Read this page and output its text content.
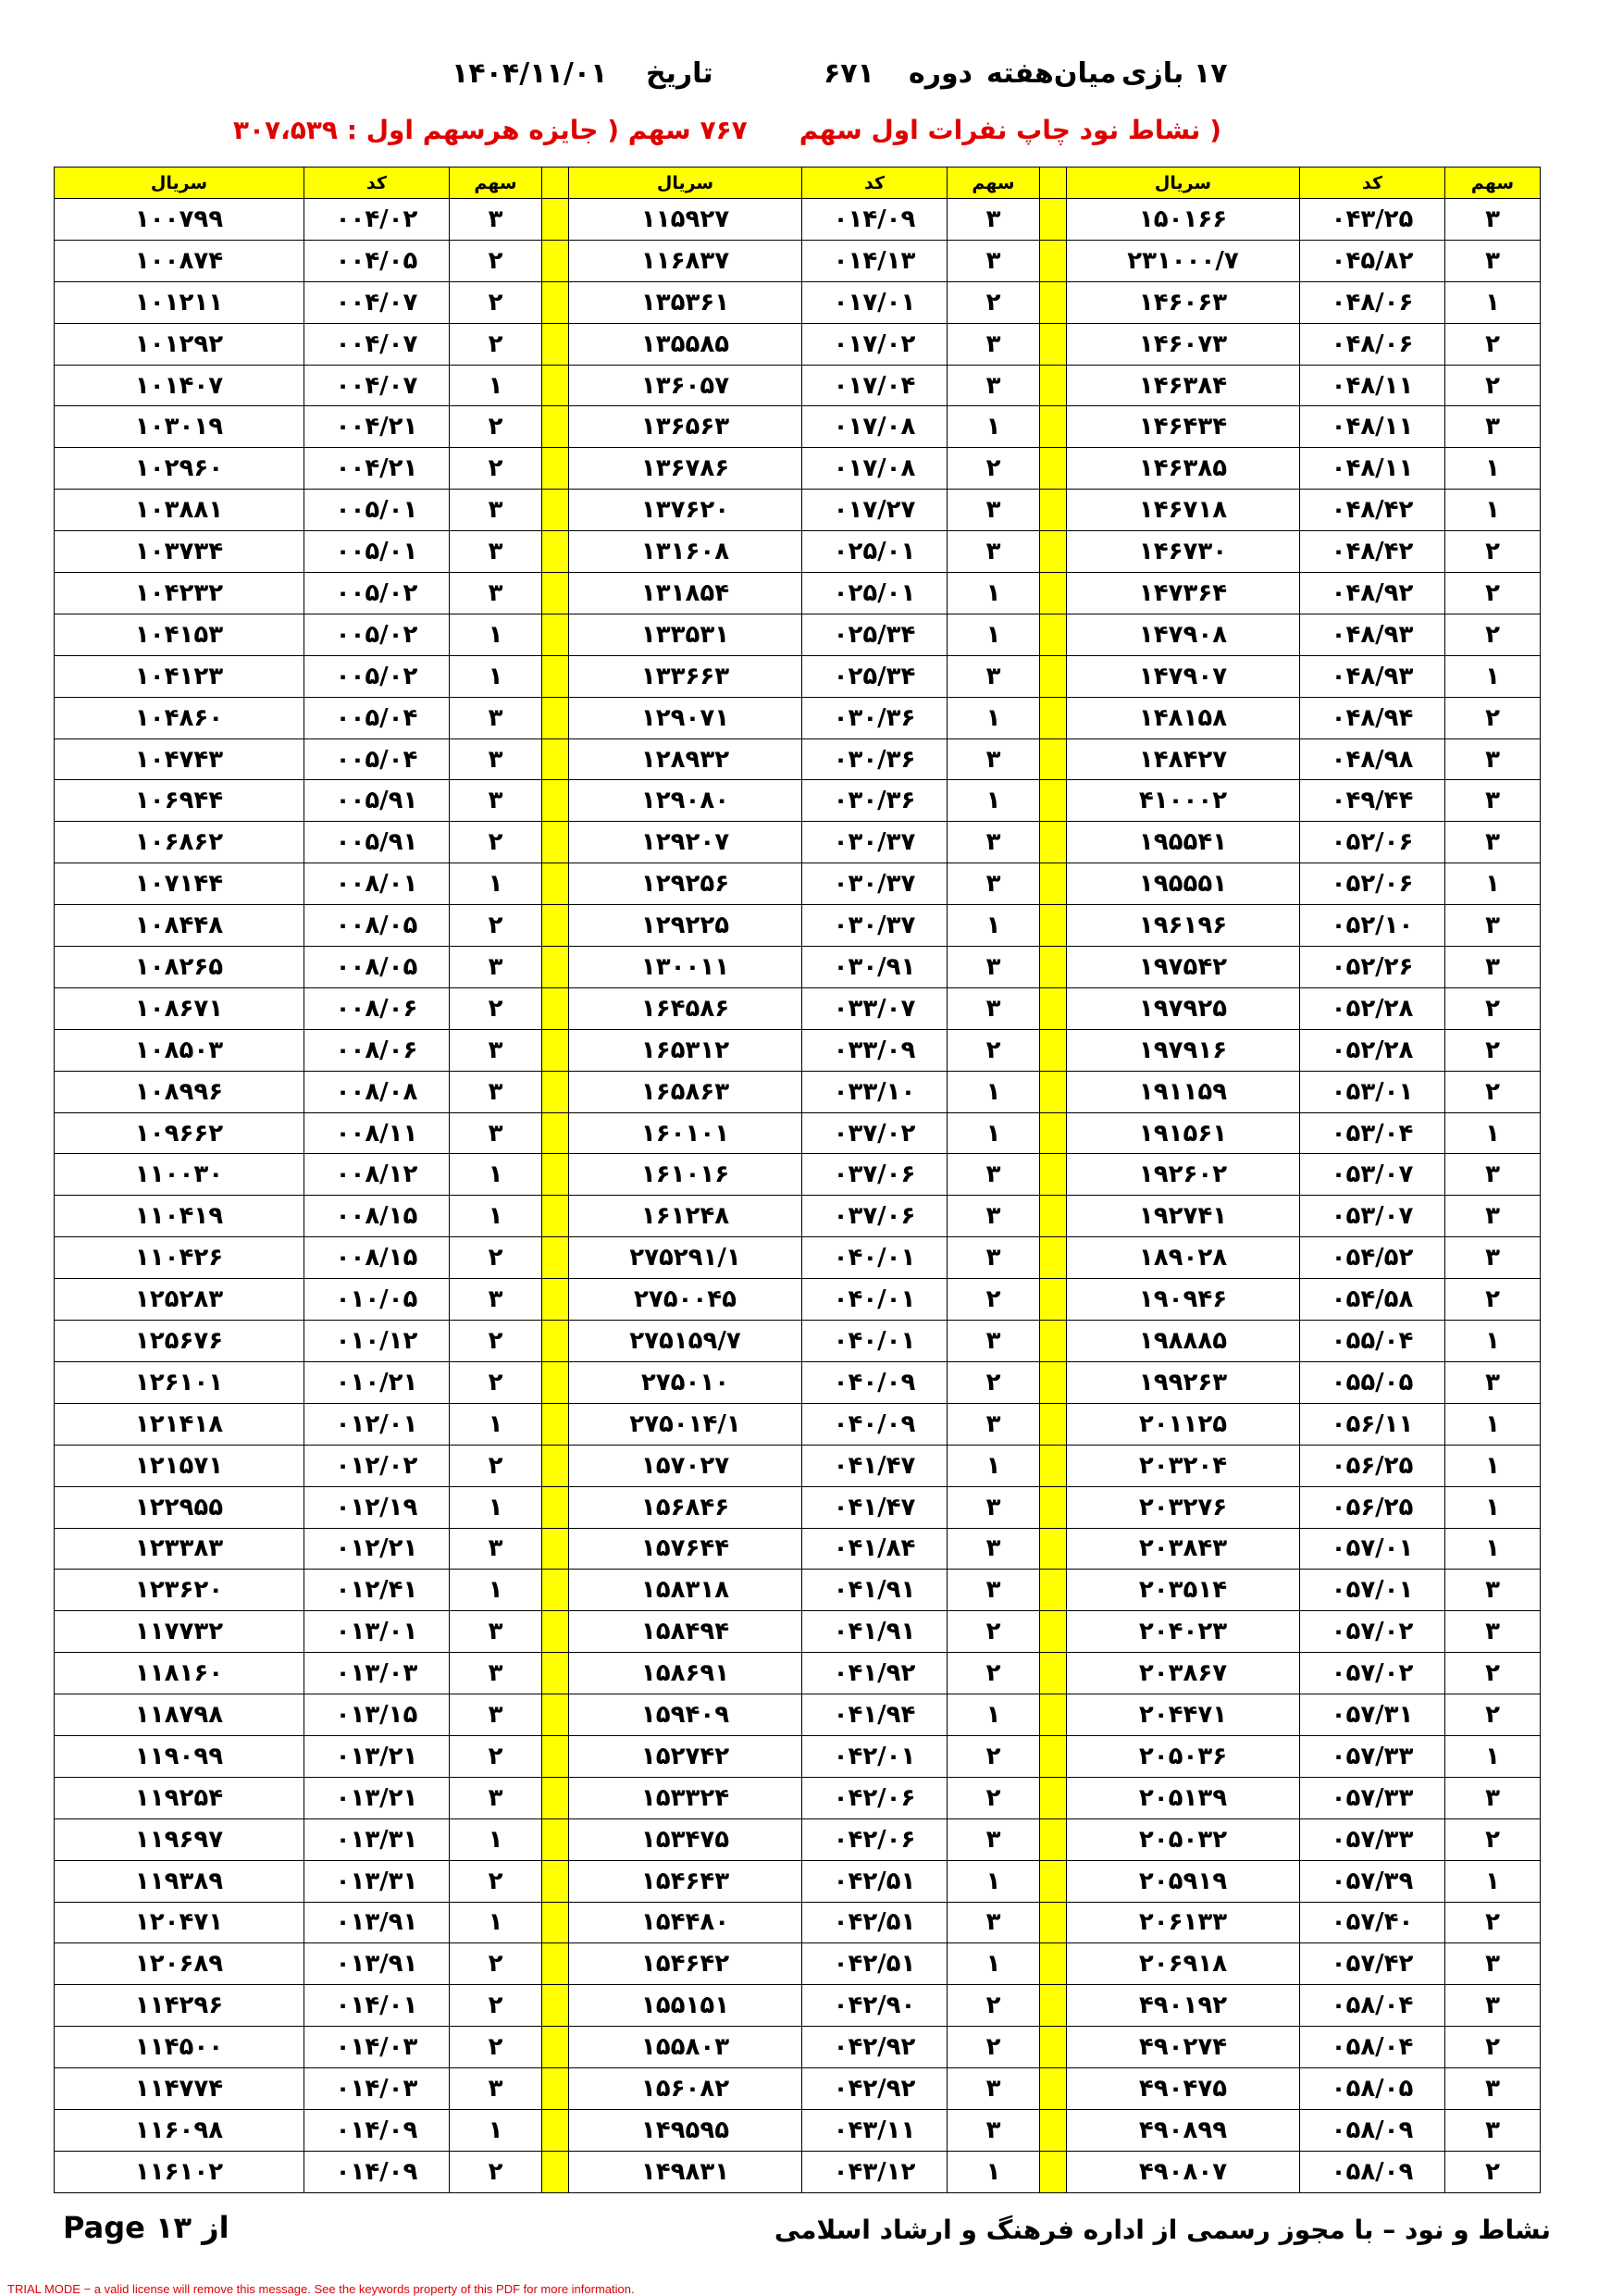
۱۷
بازی
میان‌هفته
دوره
۶۷۱
تاریخ
۱۴۰۴/۱۱/۰۱
( نشاط نود چاپ نفرات اول سهم۷۶۷ سهم ( جایزه هرسهم اول : ۳۰۷،۵۳۹
سهم	کد	سریال		سهم	کد	سریال		سهم	کد	سریال
۳	۰۴۳/۲۵	۱۵۰۱۶۶		۳	۰۱۴/۰۹	۱۱۵۹۲۷		۳	۰۰۴/۰۲	۱۰۰۷۹۹
۳	۰۴۵/۸۲	۲۳۱۰۰۰/۷		۳	۰۱۴/۱۳	۱۱۶۸۳۷		۲	۰۰۴/۰۵	۱۰۰۸۷۴
۱	۰۴۸/۰۶	۱۴۶۰۶۳		۲	۰۱۷/۰۱	۱۳۵۳۶۱		۲	۰۰۴/۰۷	۱۰۱۲۱۱
۲	۰۴۸/۰۶	۱۴۶۰۷۳		۳	۰۱۷/۰۲	۱۳۵۵۸۵		۲	۰۰۴/۰۷	۱۰۱۲۹۲
۲	۰۴۸/۱۱	۱۴۶۳۸۴		۳	۰۱۷/۰۴	۱۳۶۰۵۷		۱	۰۰۴/۰۷	۱۰۱۴۰۷
۳	۰۴۸/۱۱	۱۴۶۴۳۴		۱	۰۱۷/۰۸	۱۳۶۵۶۳		۲	۰۰۴/۲۱	۱۰۳۰۱۹
۱	۰۴۸/۱۱	۱۴۶۳۸۵		۲	۰۱۷/۰۸	۱۳۶۷۸۶		۲	۰۰۴/۲۱	۱۰۲۹۶۰
۱	۰۴۸/۴۲	۱۴۶۷۱۸		۳	۰۱۷/۲۷	۱۳۷۶۲۰		۳	۰۰۵/۰۱	۱۰۳۸۸۱
۲	۰۴۸/۴۲	۱۴۶۷۳۰		۳	۰۲۵/۰۱	۱۳۱۶۰۸		۳	۰۰۵/۰۱	۱۰۳۷۳۴
۲	۰۴۸/۹۲	۱۴۷۳۶۴		۱	۰۲۵/۰۱	۱۳۱۸۵۴		۳	۰۰۵/۰۲	۱۰۴۲۳۲
۲	۰۴۸/۹۳	۱۴۷۹۰۸		۱	۰۲۵/۳۴	۱۳۳۵۳۱		۱	۰۰۵/۰۲	۱۰۴۱۵۳
۱	۰۴۸/۹۳	۱۴۷۹۰۷		۳	۰۲۵/۳۴	۱۳۳۶۶۳		۱	۰۰۵/۰۲	۱۰۴۱۲۳
۲	۰۴۸/۹۴	۱۴۸۱۵۸		۱	۰۳۰/۳۶	۱۲۹۰۷۱		۳	۰۰۵/۰۴	۱۰۴۸۶۰
۳	۰۴۸/۹۸	۱۴۸۴۲۷		۳	۰۳۰/۳۶	۱۲۸۹۳۲		۳	۰۰۵/۰۴	۱۰۴۷۴۳
۳	۰۴۹/۴۴	۴۱۰۰۰۲		۱	۰۳۰/۳۶	۱۲۹۰۸۰		۳	۰۰۵/۹۱	۱۰۶۹۴۴
۳	۰۵۲/۰۶	۱۹۵۵۴۱		۳	۰۳۰/۳۷	۱۲۹۲۰۷		۲	۰۰۵/۹۱	۱۰۶۸۶۲
۱	۰۵۲/۰۶	۱۹۵۵۵۱		۳	۰۳۰/۳۷	۱۲۹۲۵۶		۱	۰۰۸/۰۱	۱۰۷۱۴۴
۳	۰۵۲/۱۰	۱۹۶۱۹۶		۱	۰۳۰/۳۷	۱۲۹۲۲۵		۲	۰۰۸/۰۵	۱۰۸۴۴۸
۳	۰۵۲/۲۶	۱۹۷۵۴۲		۳	۰۳۰/۹۱	۱۳۰۰۱۱		۳	۰۰۸/۰۵	۱۰۸۲۶۵
۲	۰۵۲/۲۸	۱۹۷۹۲۵		۳	۰۳۳/۰۷	۱۶۴۵۸۶		۲	۰۰۸/۰۶	۱۰۸۶۷۱
۲	۰۵۲/۲۸	۱۹۷۹۱۶		۲	۰۳۳/۰۹	۱۶۵۳۱۲		۳	۰۰۸/۰۶	۱۰۸۵۰۳
۲	۰۵۳/۰۱	۱۹۱۱۵۹		۱	۰۳۳/۱۰	۱۶۵۸۶۳		۳	۰۰۸/۰۸	۱۰۸۹۹۶
۱	۰۵۳/۰۴	۱۹۱۵۶۱		۱	۰۳۷/۰۲	۱۶۰۱۰۱		۳	۰۰۸/۱۱	۱۰۹۶۶۲
۳	۰۵۳/۰۷	۱۹۲۶۰۲		۳	۰۳۷/۰۶	۱۶۱۰۱۶		۱	۰۰۸/۱۲	۱۱۰۰۳۰
۳	۰۵۳/۰۷	۱۹۲۷۴۱		۳	۰۳۷/۰۶	۱۶۱۲۴۸		۱	۰۰۸/۱۵	۱۱۰۴۱۹
۳	۰۵۴/۵۲	۱۸۹۰۲۸		۳	۰۴۰/۰۱	۲۷۵۲۹۱/۱		۲	۰۰۸/۱۵	۱۱۰۴۲۶
۲	۰۵۴/۵۸	۱۹۰۹۴۶		۲	۰۴۰/۰۱	۲۷۵۰۰۴۵		۳	۰۱۰/۰۵	۱۲۵۲۸۳
۱	۰۵۵/۰۴	۱۹۸۸۸۵		۳	۰۴۰/۰۱	۲۷۵۱۵۹/۷		۲	۰۱۰/۱۲	۱۲۵۶۷۶
۳	۰۵۵/۰۵	۱۹۹۲۶۳		۲	۰۴۰/۰۹	۲۷۵۰۱۰		۲	۰۱۰/۲۱	۱۲۶۱۰۱
۱	۰۵۶/۱۱	۲۰۱۱۲۵		۳	۰۴۰/۰۹	۲۷۵۰۱۴/۱		۱	۰۱۲/۰۱	۱۲۱۴۱۸
۱	۰۵۶/۲۵	۲۰۳۲۰۴		۱	۰۴۱/۴۷	۱۵۷۰۲۷		۲	۰۱۲/۰۲	۱۲۱۵۷۱
۱	۰۵۶/۲۵	۲۰۳۲۷۶		۳	۰۴۱/۴۷	۱۵۶۸۴۶		۱	۰۱۲/۱۹	۱۲۲۹۵۵
۱	۰۵۷/۰۱	۲۰۳۸۴۳		۳	۰۴۱/۸۴	۱۵۷۶۴۴		۳	۰۱۲/۲۱	۱۲۳۳۸۳
۳	۰۵۷/۰۱	۲۰۳۵۱۴		۳	۰۴۱/۹۱	۱۵۸۳۱۸		۱	۰۱۲/۴۱	۱۲۳۶۲۰
۳	۰۵۷/۰۲	۲۰۴۰۲۳		۲	۰۴۱/۹۱	۱۵۸۴۹۴		۳	۰۱۳/۰۱	۱۱۷۷۳۲
۲	۰۵۷/۰۲	۲۰۳۸۶۷		۲	۰۴۱/۹۲	۱۵۸۶۹۱		۳	۰۱۳/۰۳	۱۱۸۱۶۰
۲	۰۵۷/۳۱	۲۰۴۴۷۱		۱	۰۴۱/۹۴	۱۵۹۴۰۹		۳	۰۱۳/۱۵	۱۱۸۷۹۸
۱	۰۵۷/۳۳	۲۰۵۰۳۶		۲	۰۴۲/۰۱	۱۵۲۷۴۲		۲	۰۱۳/۲۱	۱۱۹۰۹۹
۳	۰۵۷/۳۳	۲۰۵۱۳۹		۲	۰۴۲/۰۶	۱۵۳۳۲۴		۳	۰۱۳/۲۱	۱۱۹۲۵۴
۲	۰۵۷/۳۳	۲۰۵۰۳۲		۳	۰۴۲/۰۶	۱۵۳۴۷۵		۱	۰۱۳/۳۱	۱۱۹۶۹۷
۱	۰۵۷/۳۹	۲۰۵۹۱۹		۱	۰۴۲/۵۱	۱۵۴۶۴۳		۲	۰۱۳/۳۱	۱۱۹۳۸۹
۲	۰۵۷/۴۰	۲۰۶۱۳۳		۳	۰۴۲/۵۱	۱۵۴۴۸۰		۱	۰۱۳/۹۱	۱۲۰۴۷۱
۳	۰۵۷/۴۲	۲۰۶۹۱۸		۱	۰۴۲/۵۱	۱۵۴۶۴۲		۲	۰۱۳/۹۱	۱۲۰۶۸۹
۳	۰۵۸/۰۴	۴۹۰۱۹۲		۲	۰۴۲/۹۰	۱۵۵۱۵۱		۲	۰۱۴/۰۱	۱۱۴۲۹۶
۲	۰۵۸/۰۴	۴۹۰۲۷۴		۲	۰۴۲/۹۲	۱۵۵۸۰۳		۲	۰۱۴/۰۳	۱۱۴۵۰۰
۳	۰۵۸/۰۵	۴۹۰۴۷۵		۳	۰۴۲/۹۲	۱۵۶۰۸۲		۳	۰۱۴/۰۳	۱۱۴۷۷۴
۳	۰۵۸/۰۹	۴۹۰۸۹۹		۳	۰۴۳/۱۱	۱۴۹۵۹۵		۱	۰۱۴/۰۹	۱۱۶۰۹۸
۲	۰۵۸/۰۹	۴۹۰۸۰۷		۱	۰۴۳/۱۲	۱۴۹۸۳۱		۲	۰۱۴/۰۹	۱۱۶۱۰۲
Page ۱۳ از	نشاط و نود – با مجوز رسمی از اداره فرهنگ و ارشاد اسلامی
TRIAL MODE − a valid license will remove this message. See the keywords property of this PDF for more information.
